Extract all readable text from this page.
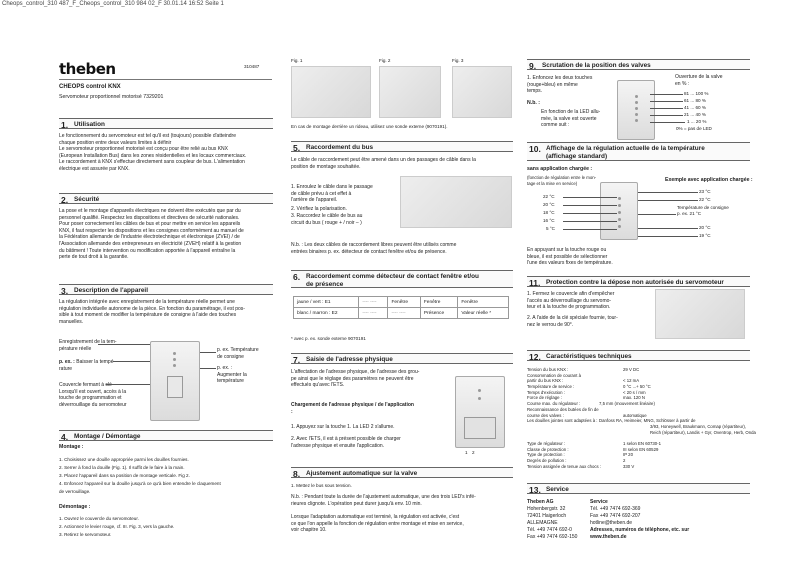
Cheops_control_310 487_F_Cheops_control_310 984 02_F 30.01.14 16:52 Seite 1
theben	310487
CHEOPS control KNX
Servomoteur proportionnel motorisé 7329201
1. Utilisation
Le fonctionnement du servomoteur est tel qu'il est (toujours) possible d'atteindre
chaque position entre deux valeurs limites à définir
Le servomoteur proportionnel motorisé est conçu pour être relié au bus KNX
(European Installation Bus) dans les zones résidentielles et les locaux commerciaux.
Le raccordement à KNX s'effectue directement sans coupleur de bus. L'alimentation
électrique est assurée par KNX.
2. Sécurité
La pose et le montage d'appareils électriques ne doivent être exécutés que par du
personnel qualifié. Respectez les dispositions et directives de sécurité nationales.
Pour poser correctement les câbles de bus et pour mettre en service les appareils
KNX, il faut respecter les dispositions et les consignes conformément au manuel de
la Fédération allemande de l'industrie électrotechnique et électronique (ZVEI) / de
l'Association allemande des entrepreneurs en électricité (ZVEH) relatif à la gestion
du bâtiment ! Toute intervention ou modification apportée à l'appareil entraîne la
perte de tout droit à la garantie.
3. Description de l'appareil
La régulation intégrée avec enregistrement de la température réelle permet une
régulation individuelle autonome de la pièce. En fonction du paramétrage, il est pos-
sible à tout moment de modifier la température de consigne à l'aide des touches
manuelles.
Enregistrement de la tem-
pérature réelle
p. ex. : Baisser la tempé-
rature
Couvercle fermant à clé
Lorsqu'il est ouvert, accès à la
touche de programmation et
déverrouillage du servomoteur
p. ex. Température
de consigne
p. ex. :
Augmenter la
température
4. Montage / Démontage
Montage :
1. Choisissez une douille appropriée parmi les douilles fournies.
2. Serrer à fond la douille (Fig. 1). Il suffit de le faire à la main.
3. Placez l'appareil dans sa position de montage verticale. Fig 2.
4. Enfoncez l'appareil sur la douille jusqu'à ce qu'à bien entendre le claquement
de verrouillage.
Démontage :
1. Ouvrez le couvercle du servomoteur.
2. Actionnez le levier rouge, cf. III. Fig. 3, vers la gauche.
3. Retirez le servomoteur.
Fig. 1	Fig. 2	Fig. 3
En cas de montage derrière un rideau, utilisez une sonde externe (9070191).
5. Raccordement du bus
Le câble de raccordement peut être amené dans un des passages de câble dans la
position de montage souhaitée.
1. Enroulez le câble dans le passage
de câble prévu à cet effet à
l'arrière de l'appareil.
2. Vérifiez la polarisation.
3. Raccordez le câble de bus au
circuit du bus ( rouge + / noir – )
N.b. : Les deux câbles de raccordement libres peuvent être utilisés comme
entrées binaires p. ex. détecteur de contact fenêtre et/ou de présence.
6. Raccordement comme détecteur de contact fenêtre et/ou
de présence
jaune / vert : E1	---- ----	Fenêtre	Fenêtre	Fenêtre
blanc / marron : E2	---- ----	---- ----	Présence	Valeur réelle *
* avec p. ex. sonde externe 9070191
7. Saisie de l'adresse physique
L'affectation de l'adresse physique, de l'adresse des grou-
pe ainsi que le réglage des paramètres ne peuvent être
effectués qu'avec l'ETS.
Chargement de l'adresse physique / de l'application
:
1. Appuyez sur la touche 1. La LED 2 s'allume.
2. Avec l'ETS, il est à présent possible de charger
l'adresse physique et ensuite l'application.
1 2
8. Ajustement automatique sur la valve
1. Mettez le bus sous tension.
N.b. : Pendant toute la durée de l'ajustement automatique, une des trois LED's infé-
rieures clignote. L'opération peut durer jusqu'à env. 10 min.
Lorsque l'adaptation automatique est terminé, la régulation est activée, c'est
ce que l'on appelle la fonction de régulation entre montage et mise en service,
voir chapitre 10.
9. Scrutation de la position des valves
1. Enfoncez les deux touches
(rouge+bleu) en même
temps.
N.b. :
En fonction de la LED allu-
mée, la valve est ouverte
comme suit :
Ouverture de la valve
en % :
81 ... 100 %
61 ... 80 %
41 ... 60 %
21 ... 40 %
1 ... 20 %
0% = pas de LED
10. Affichage de la régulation actuelle de la température
(affichage standard)
sans application chargée :
(fonction de régulation entre le mon-
tage et la mise en service)
22 °C
20 °C
18 °C
16 °C
5 °C
Exemple avec application chargée :
23 °C
22 °C
Température de consigne
p. ex. 21 °C
20 °C
19 °C
En appuyant sur la touche rouge ou
bleue, il est possible de sélectionner
l'une des valeurs fixes de température.
11. Protection contre la dépose non autorisée du servomoteur
1. Fermez le couvercle afin d'empêcher
l'accès au déverrouillage du servomo-
teur et à la touche de programmation.
2. A l'aide de la clé spéciale fournie, tour-
nez le verrou de 90°.
12. Caractéristiques techniques
Tension du bus KNX :	29 V DC
Consommation de courant à
partir du bus KNX :	< 12 mA
Température de service :	0 °C ...+ 50 °C
Temps d'exécution :	< 20 s / mm
Force de réglage :	max. 120 N
Course max. du régulateur :	7,5 mm (mouvement linéaire)
Reconnaissance des butées de fin de
course des valves :	automatique
Les douilles jointes sont adaptées à : Danfoss RA, Heimeier, MNG, Schlösser à partir de
3/93, Honeywell, Braukmann, Comap (répartiteur),
Reich (répartiteur), Landis + Gyr, Oventrop, Herb, Onda
Type de régulateur :	1 selon EN 60730-1
Classe de protection :	III selon EN 60529
Type de protection :	IP 20
Degrés de pollution :	2
Tension assignée de tenue aux chocs :	330 V
13. Service
Theben AG
Hohenbergstr. 32
72401 Haigerloch
ALLEMAGNE
Tél. +49 7474 692-0
Fax +49 7474 692-150
Service
Tél. +49 7474 692-369
Fax +49 7474 692-207
hotline@theben.de
Adresses, numéros de téléphone, etc. sur
www.theben.de
